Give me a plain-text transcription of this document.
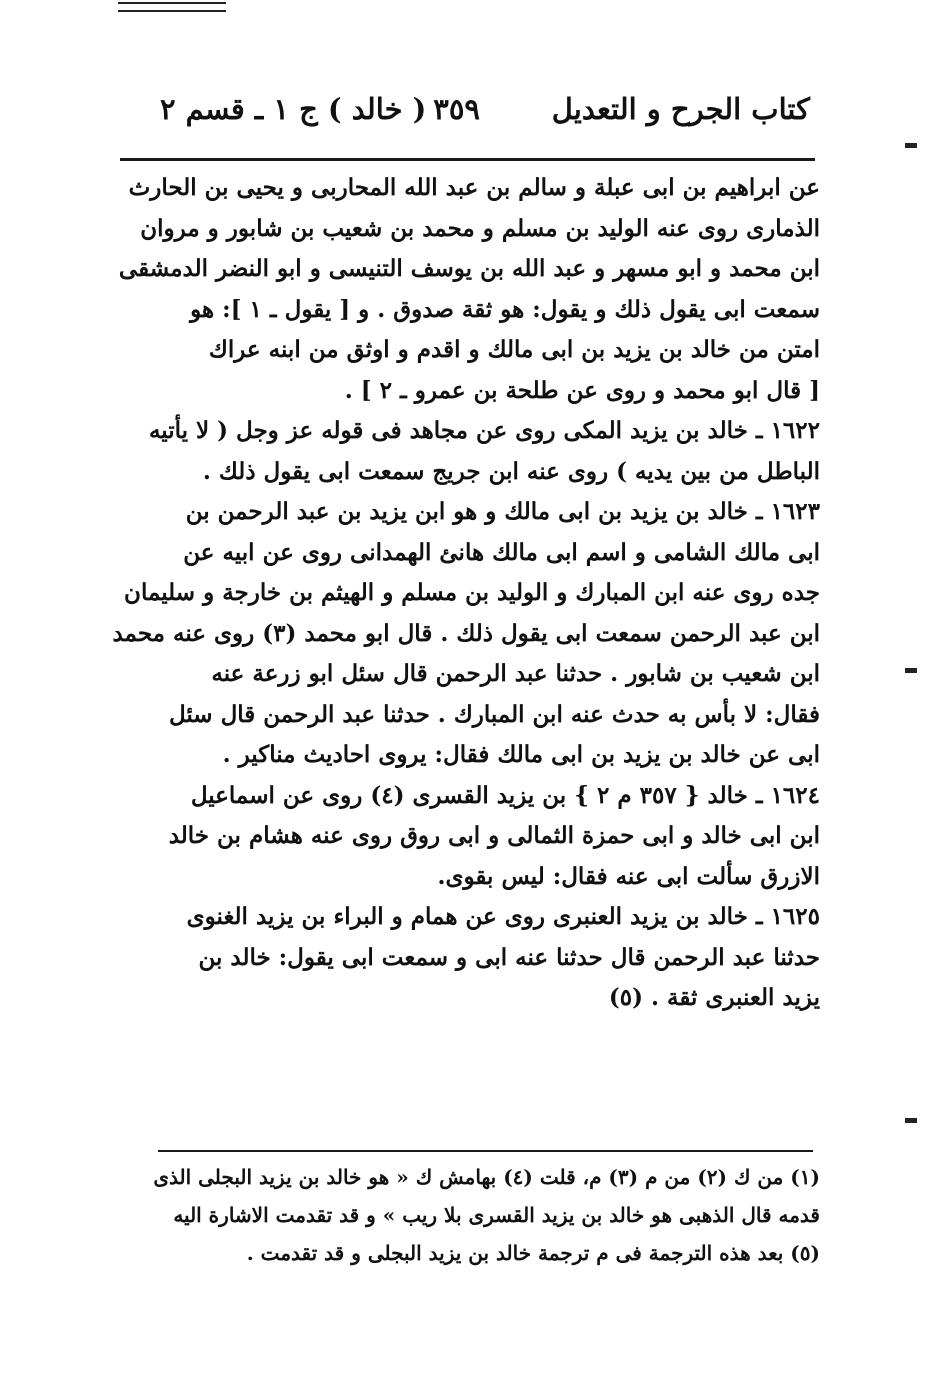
كتاب الجرح و التعديل
٣٥٩
( خالد ) ج ١ ـ قسم ٢
عن ابراهيم بن ابى عبلة و سالم بن عبد الله المحاربى و يحيى بن الحارث
الذمارى روى عنه الوليد بن مسلم و محمد بن شعيب بن شابور و مروان
ابن محمد و ابو مسهر و عبد الله بن يوسف التنيسى و ابو النضر الدمشقى
سمعت ابى يقول ذلك و يقول: هو ثقة صدوق . و [ يقول ـ ١ ]: هو
امتن من خالد بن يزيد بن ابى مالك و اقدم و اوثق من ابنه عراك
[ قال ابو محمد و روى عن طلحة بن عمرو ـ ٢ ] .
١٦٢٢ ـ خالد بن يزيد المكى روى عن مجاهد فى قوله عز وجل ( لا يأتيه
الباطل من بين يديه ) روى عنه ابن جريج سمعت ابى يقول ذلك .
١٦٢٣ ـ خالد بن يزيد بن ابى مالك و هو ابن يزيد بن عبد الرحمن بن
ابى مالك الشامى و اسم ابى مالك هانئ الهمدانى روى عن ابيه عن
جده روى عنه ابن المبارك و الوليد بن مسلم و الهيثم بن خارجة و سليمان
ابن عبد الرحمن سمعت ابى يقول ذلك . قال ابو محمد (٣) روى عنه محمد
ابن شعيب بن شابور . حدثنا عبد الرحمن قال سئل ابو زرعة عنه
فقال: لا بأس به حدث عنه ابن المبارك . حدثنا عبد الرحمن قال سئل
ابى عن خالد بن يزيد بن ابى مالك فقال: يروى احاديث مناكير .
١٦٢٤ ـ خالد { ٣٥٧ م ٢ } بن يزيد القسرى (٤) روى عن اسماعيل
ابن ابى خالد و ابى حمزة الثمالى و ابى روق روى عنه هشام بن خالد
الازرق سألت ابى عنه فقال: ليس بقوى.
١٦٢٥ ـ خالد بن يزيد العنبرى روى عن همام و البراء بن يزيد الغنوى
حدثنا عبد الرحمن قال حدثنا عنه ابى و سمعت ابى يقول: خالد بن
يزيد العنبرى ثقة . (٥)
(١) من ك (٢) من م (٣) م، قلت (٤) بهامش ك « هو خالد بن يزيد البجلى الذى
قدمه قال الذهبى هو خالد بن يزيد القسرى بلا ريب » و قد تقدمت الاشارة اليه
(٥) بعد هذه الترجمة فى م ترجمة خالد بن يزيد البجلى و قد تقدمت .
